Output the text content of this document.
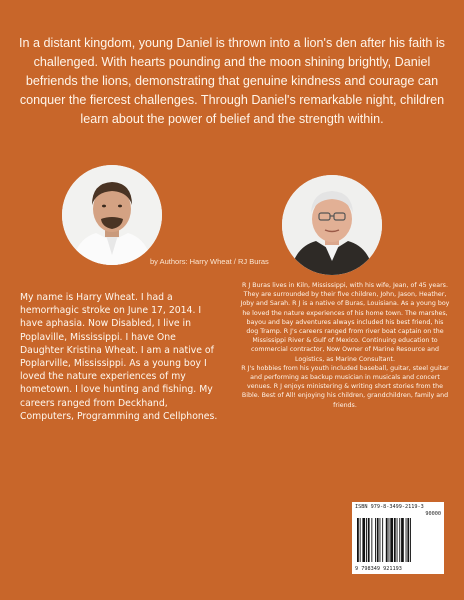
In a distant kingdom, young Daniel is thrown into a lion's den after his faith is challenged. With hearts pounding and the moon shining brightly, Daniel befriends the lions, demonstrating that genuine kindness and courage can conquer the fiercest challenges. Through Daniel's remarkable night, children learn about the power of belief and the strength within.

by Authors: Harry Wheat / RJ Buras

My name is Harry Wheat. I had a hemorrhagic stroke on June 17, 2014. I have aphasia. Now Disabled, I live in Poplaville, Mississippi. I have One Daughter Kristina Wheat. I am a native of Poplarville, Mississippi. As a young boy I loved the nature experiences of my hometown. I love hunting and fishing. My careers ranged from Deckhand, Computers, Programming and Cellphones.

R J Buras lives in Kiln, Mississippi, with his wife, Jean, of 45 years. They are surrounded by their five children, John, Jason, Heather, Joby and Sarah. R J is a native of Buras, Louisiana. As a young boy he loved the nature experiences of his home town. The marshes, bayou and bay adventures always included his best friend, his dog Tramp. R J's careers ranged from river boat captain on the Mississippi River & Gulf of Mexico. Continuing education to commercial contractor, Now Owner of Marine Resource and Logistics, as Marine Consultant.

R J's hobbies from his youth included baseball, guitar, steel guitar and performing as backup musician in musicals and concert venues. R J enjoys ministering & writing short stories from the Bible. Best of All! enjoying his children, grandchildren, family and friends.

ISBN 979-8-3499-2119-3
90000
9 798349 921193
